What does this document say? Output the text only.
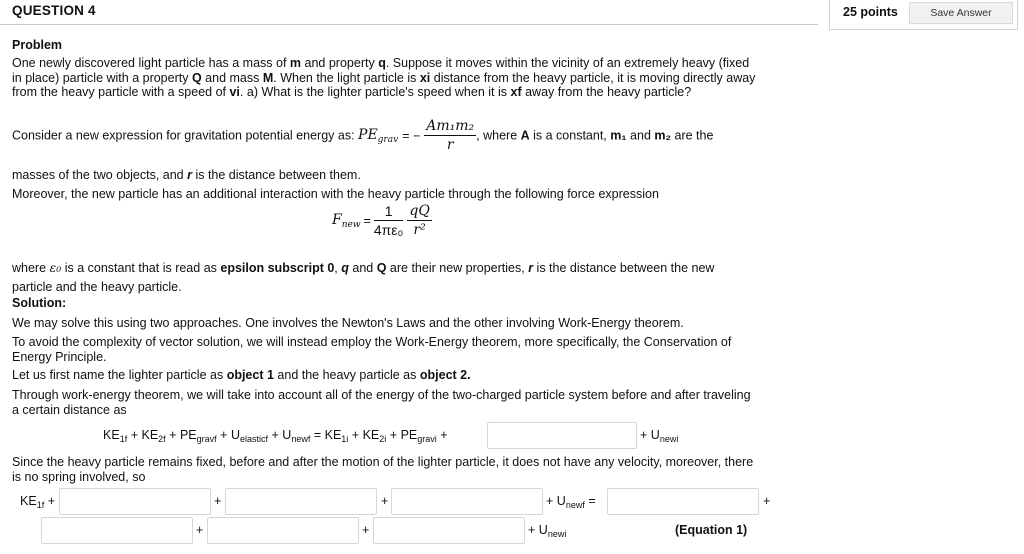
QUESTION 4	25 points	Save Answer
Problem
One newly discovered light particle has a mass of m and property q. Suppose it moves within the vicinity of an extremely heavy (fixed in place) particle with a property Q and mass M. When the light particle is xi distance from the heavy particle, it is moving directly away from the heavy particle with a speed of vi. a) What is the lighter particle's speed when it is xf away from the heavy particle?
Consider a new expression for gravitation potential energy as: $PE_{grav}$ = − $\frac{\text{Am₁m₂}}{r}$ , where A is a constant, m₁ and m₂ are the
masses of the two objects, and r is the distance between them.
Moreover, the new particle has an additional interaction with the heavy particle through the following force expression
$F_{new} = \frac{1}{\text{4πε₀}} \frac{qQ}{\text{r²}}$
where ε₀ is a constant that is read as epsilon subscript 0, q and Q are their new properties, r is the distance between the new
particle and the heavy particle.
Solution:
We may solve this using two approaches. One involves the Newton's Laws and the other involving Work-Energy theorem.
To avoid the complexity of vector solution, we will instead employ the Work-Energy theorem, more specifically, the Conservation of Energy Principle.
Let us first name the lighter particle as object 1 and the heavy particle as object 2.
Through work-energy theorem, we will take into account all of the energy of the two-charged particle system before and after traveling a certain distance as
$KE_{1f} + KE_{2f} + PE_{gravf} + U_{elasticf} + U_{newf} = KE_{1i} + KE_{2i} + PE_{gravi}$ +	+ $U_{newi}$
Since the heavy particle remains fixed, before and after the motion of the lighter particle, it does not have any velocity, moreover, there is no spring involved, so
$KE_{1f}$ +	+	+	+ $U_{newf}$ =	+
+	+	+ $U_{newi}$	(Equation 1)
